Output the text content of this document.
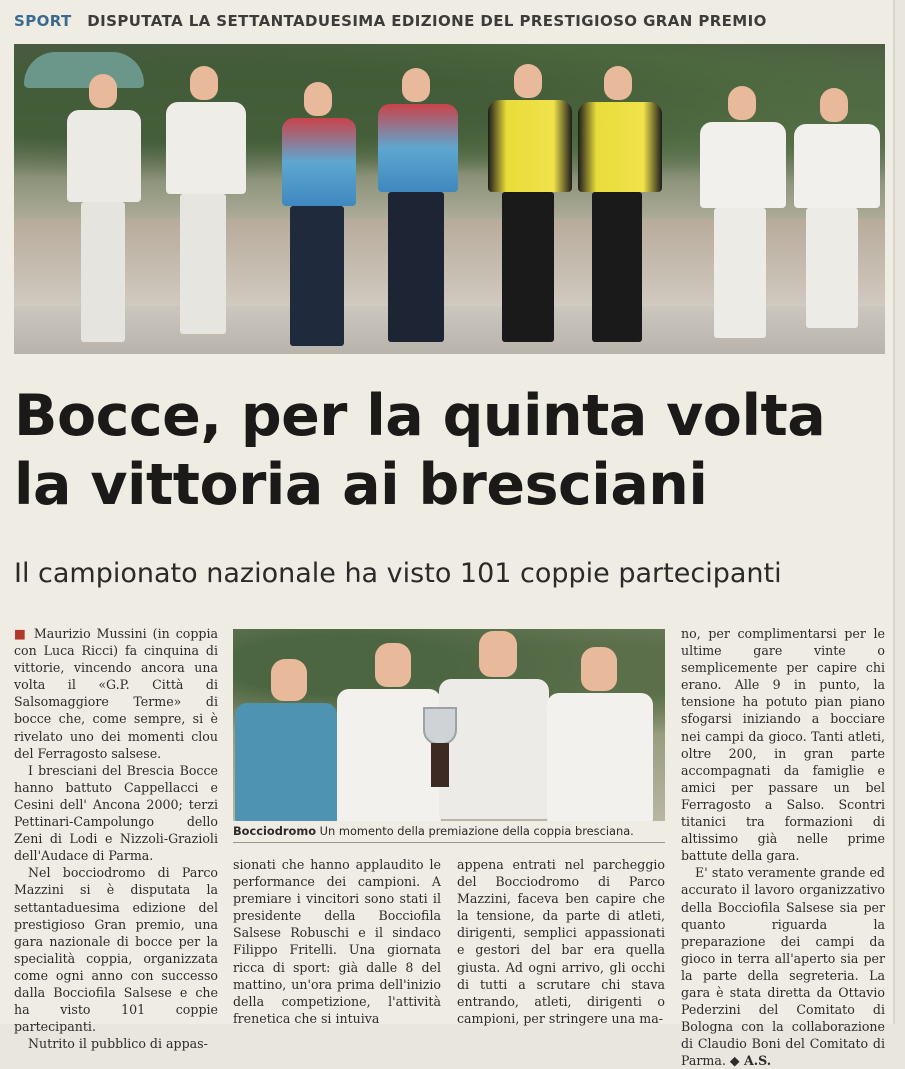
SPORT DISPUTATA LA SETTANTADUESIMA EDIZIONE DEL PRESTIGIOSO GRAN PREMIO
Bocce, per la quinta volta
la vittoria ai bresciani
Il campionato nazionale ha visto 101 coppie partecipanti

■ Maurizio Mussini (in coppia con Luca Ricci) fa cinquina di vittorie, vincendo ancora una volta il «G.P. Città di Salsomaggiore Terme» di bocce che, come sempre, si è rivelato uno dei momenti clou del Ferragosto salsese.

I bresciani del Brescia Bocce hanno battuto Cappellacci e Cesini dell' Ancona 2000; terzi Pettinari-Campolungo dello Zeni di Lodi e Nizzoli-Grazioli dell'Audace di Parma.

Nel bocciodromo di Parco Mazzini si è disputata la settantaduesima edizione del prestigioso Gran premio, una gara nazionale di bocce per la specialità coppia, organizzata come ogni anno con successo dalla Bocciofila Salsese e che ha visto 101 coppie partecipanti.

Nutrito il pubblico di appas-

Bocciodromo Un momento della premiazione della coppia bresciana.

sionati che hanno applaudito le performance dei campioni. A premiare i vincitori sono stati il presidente della Bocciofila Salsese Robuschi e il sindaco Filippo Fritelli. Una giornata ricca di sport: già dalle 8 del mattino, un'ora prima dell'inizio della competizione, l'attività frenetica che si intuiva

appena entrati nel parcheggio del Bocciodromo di Parco Mazzini, faceva ben capire che la tensione, da parte di atleti, dirigenti, semplici appassionati e gestori del bar era quella giusta. Ad ogni arrivo, gli occhi di tutti a scrutare chi stava entrando, atleti, dirigenti o campioni, per stringere una ma-

no, per complimentarsi per le ultime gare vinte o semplicemente per capire chi erano. Alle 9 in punto, la tensione ha potuto pian piano sfogarsi iniziando a bocciare nei campi da gioco. Tanti atleti, oltre 200, in gran parte accompagnati da famiglie e amici per passare un bel Ferragosto a Salso. Scontri titanici tra formazioni di altissimo già nelle prime battute della gara.

E' stato veramente grande ed accurato il lavoro organizzativo della Bocciofila Salsese sia per quanto riguarda la preparazione dei campi da gioco in terra all'aperto sia per la parte della segreteria. La gara è stata diretta da Ottavio Pederzini del Comitato di Bologna con la collaborazione di Claudio Boni del Comitato di Parma. ◆ A.S.
